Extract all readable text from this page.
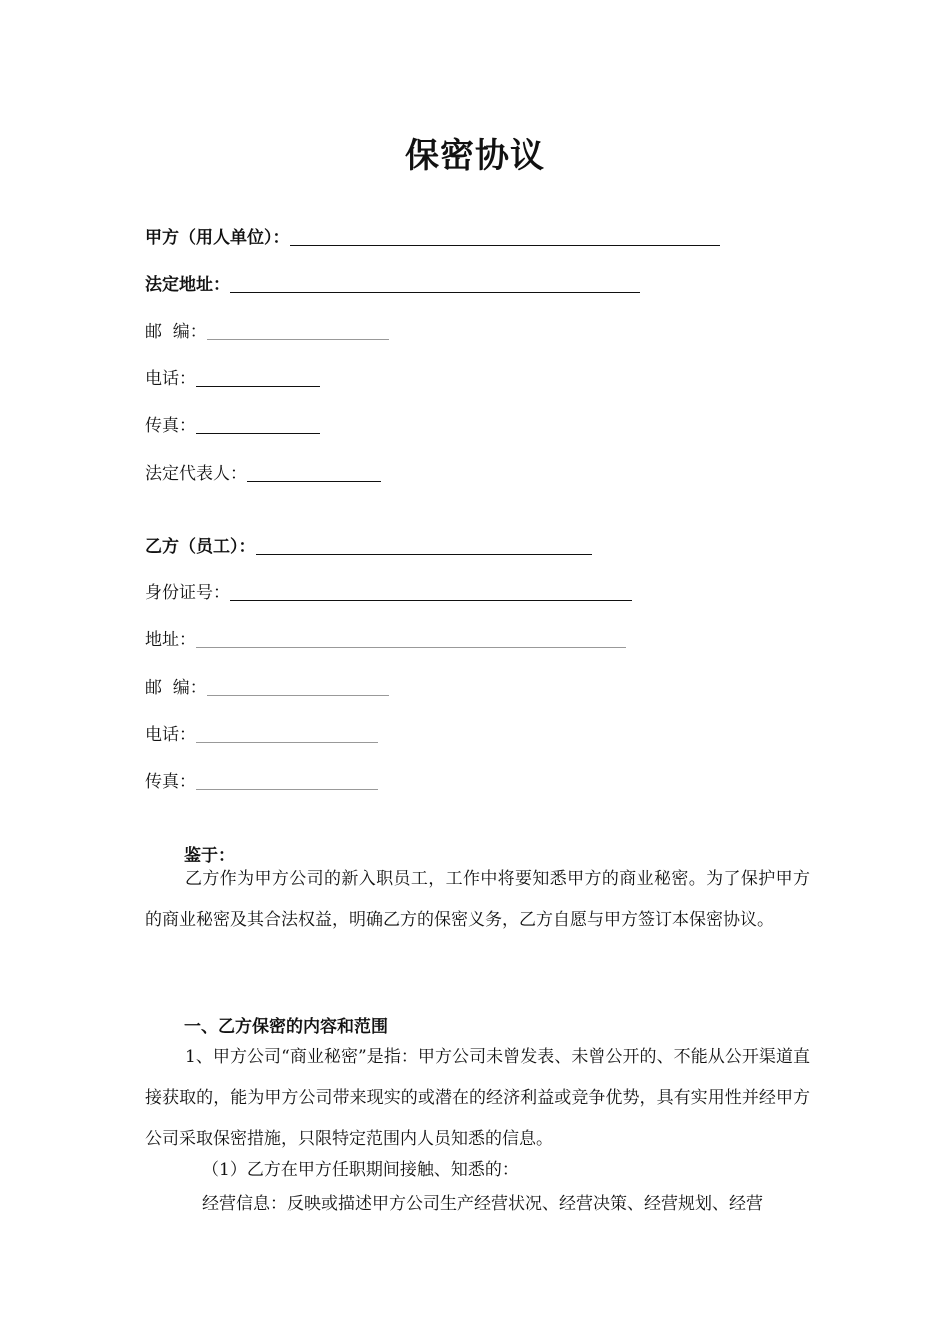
保密协议
甲方（用人单位）：
法定地址：
邮  编：
电话：
传真：
法定代表人：
乙方（员工）：
身份证号：
地址：
邮  编：
电话：
传真：
鉴于：
乙方作为甲方公司的新入职员工，工作中将要知悉甲方的商业秘密。为了保护甲方的商业秘密及其合法权益，明确乙方的保密义务，乙方自愿与甲方签订本保密协议。
一、乙方保密的内容和范围
1、甲方公司“商业秘密”是指：甲方公司未曾发表、未曾公开的、不能从公开渠道直接获取的，能为甲方公司带来现实的或潜在的经济利益或竞争优势，具有实用性并经甲方公司采取保密措施，只限特定范围内人员知悉的信息。
（1）乙方在甲方任职期间接触、知悉的：
经营信息：反映或描述甲方公司生产经营状况、经营决策、经营规划、经营
